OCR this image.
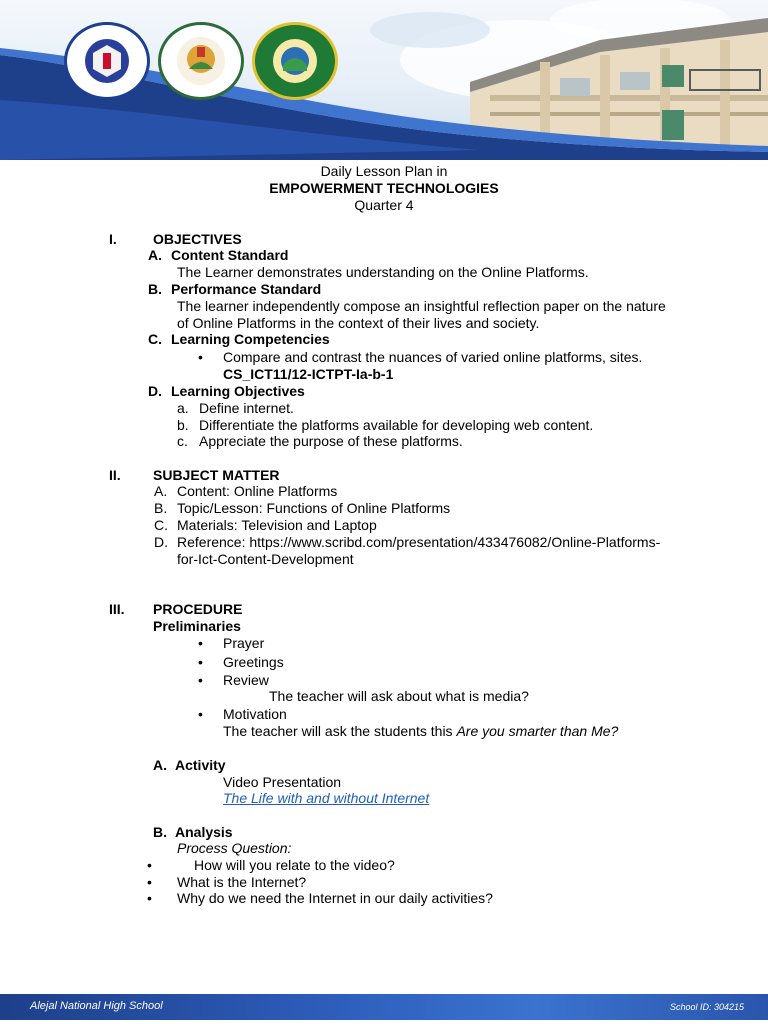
Daily Lesson Plan in
EMPOWERMENT TECHNOLOGIES
Quarter 4
I.	OBJECTIVES
A. Content Standard
The Learner demonstrates understanding on the Online Platforms.
B. Performance Standard
The learner independently compose an insightful reflection paper on the nature
of Online Platforms in the context of their lives and society.
C. Learning Competencies
• Compare and contrast the nuances of varied online platforms, sites.
CS_ICT11/12-ICTPT-Ia-b-1
D. Learning Objectives
a. Define internet.
b. Differentiate the platforms available for developing web content.
c. Appreciate the purpose of these platforms.
II. SUBJECT MATTER
A. Content: Online Platforms
B. Topic/Lesson: Functions of Online Platforms
C. Materials: Television and Laptop
D. Reference: https://www.scribd.com/presentation/433476082/Online-Platforms-
for-Ict-Content-Development
III. PROCEDURE
Preliminaries
• Prayer
• Greetings
• Review
The teacher will ask about what is media?
• Motivation
The teacher will ask the students this Are you smarter than Me?
A. Activity
Video Presentation
The Life with and without Internet
B. Analysis
Process Question:
•	How will you relate to the video?
• What is the Internet?
• Why do we need the Internet in our daily activities?
Alejal National High School	School ID: 304215
